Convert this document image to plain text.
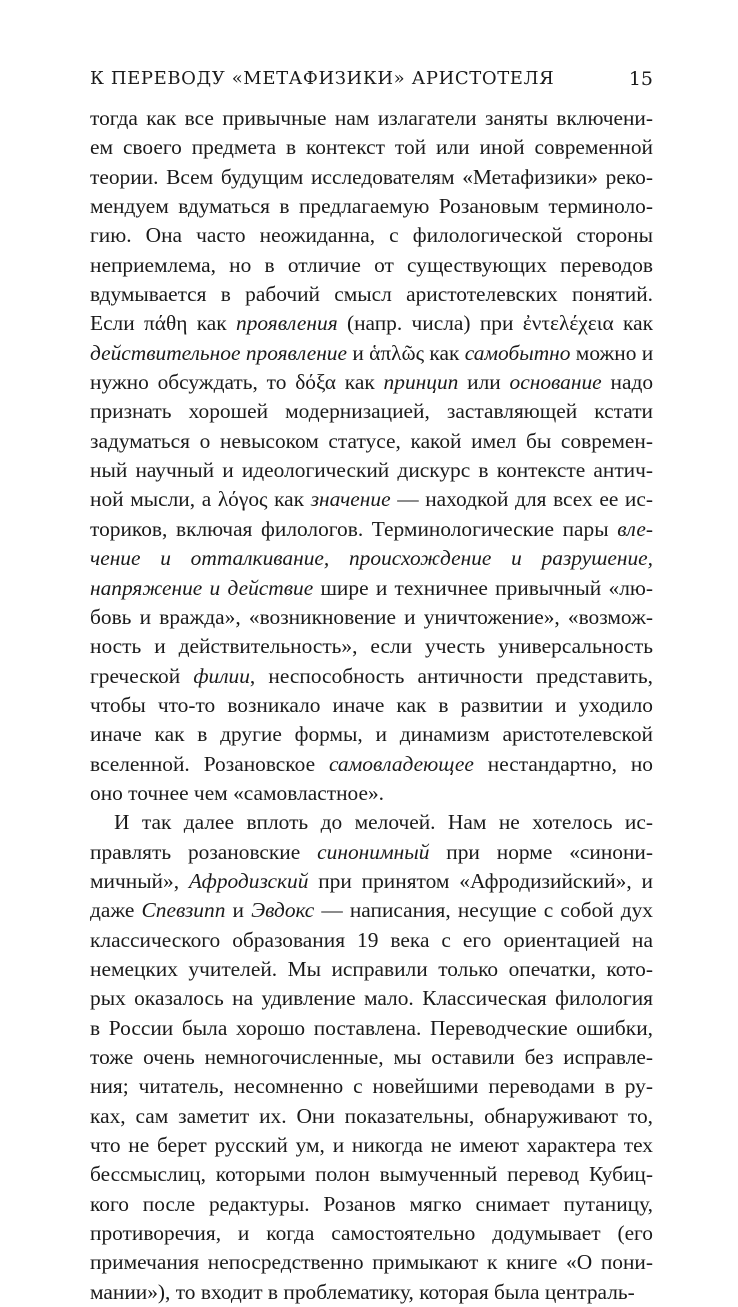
К ПЕРЕВОДУ «МЕТАФИЗИКИ» АРИСТОТЕЛЯ	15
тогда как все привычные нам излагатели заняты включени-
ем своего предмета в контекст той или иной современной
теории. Всем будущим исследователям «Метафизики» реко-
мендуем вдуматься в предлагаемую Розановым терминоло-
гию. Она часто неожиданна, с филологической стороны
неприемлема, но в отличие от существующих переводов
вдумывается в рабочий смысл аристотелевских понятий.
Если πάθη как проявления (напр. числа) при ἐντελέχεια как
действительное проявление и ἁπλῶς как самобытно можно и
нужно обсуждать, то δόξα как принцип или основание надо
признать хорошей модернизацией, заставляющей кстати
задуматься о невысоком статусе, какой имел бы современ-
ный научный и идеологический дискурс в контексте антич-
ной мысли, а λόγος как значение — находкой для всех ее ис-
ториков, включая филологов. Терминологические пары вле-
чение и отталкивание, происхождение и разрушение,
напряжение и действие шире и техничнее привычный «лю-
бовь и вражда», «возникновение и уничтожение», «возмож-
ность и действительность», если учесть универсальность
греческой филии, неспособность античности представить,
чтобы что-то возникало иначе как в развитии и уходило
иначе как в другие формы, и динамизм аристотелевской
вселенной. Розановское самовладеющее нестандартно, но
оно точнее чем «самовластное».
И так далее вплоть до мелочей. Нам не хотелось ис-
правлять розановские синонимный при норме «синони-
мичный», Афродизский при принятом «Афродизийский», и
даже Спевзипп и Эвдокс — написания, несущие с собой дух
классического образования 19 века с его ориентацией на
немецких учителей. Мы исправили только опечатки, кото-
рых оказалось на удивление мало. Классическая филология
в России была хорошо поставлена. Переводческие ошибки,
тоже очень немногочисленные, мы оставили без исправле-
ния; читатель, несомненно с новейшими переводами в ру-
ках, сам заметит их. Они показательны, обнаруживают то,
что не берет русский ум, и никогда не имеют характера тех
бессмыслиц, которыми полон вымученный перевод Кубиц-
кого после редактуры. Розанов мягко снимает путаницу,
противоречия, и когда самостоятельно додумывает (его
примечания непосредственно примыкают к книге «О пони-
мании»), то входит в проблематику, которая была централь-
